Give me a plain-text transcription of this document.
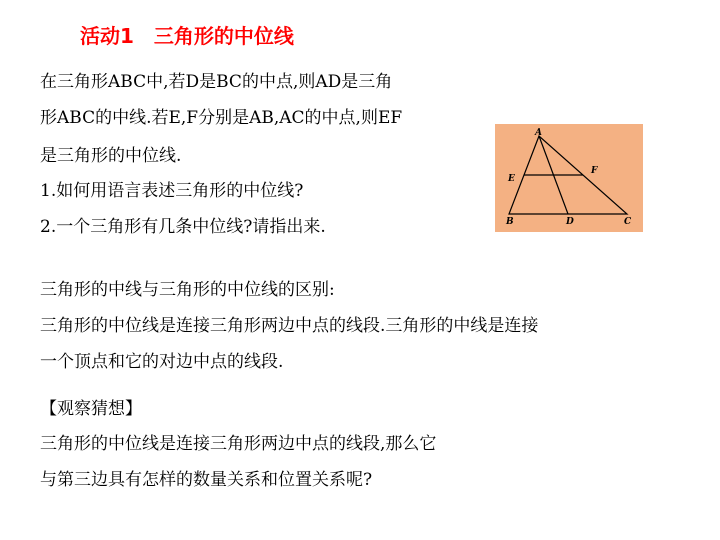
活动1　三角形的中位线
在三角形ABC中,若D是BC的中点,则AD是三角
形ABC的中线.若E,F分别是AB,AC的中点,则EF
是三角形的中位线.
1.如何用语言表述三角形的中位线?
2.一个三角形有几条中位线?请指出来.
三角形的中线与三角形的中位线的区别:
三角形的中位线是连接三角形两边中点的线段.三角形的中线是连接
一个顶点和它的对边中点的线段.
【观察猜想】
三角形的中位线是连接三角形两边中点的线段,那么它
与第三边具有怎样的数量关系和位置关系呢?
A
B	C
D
E
F
